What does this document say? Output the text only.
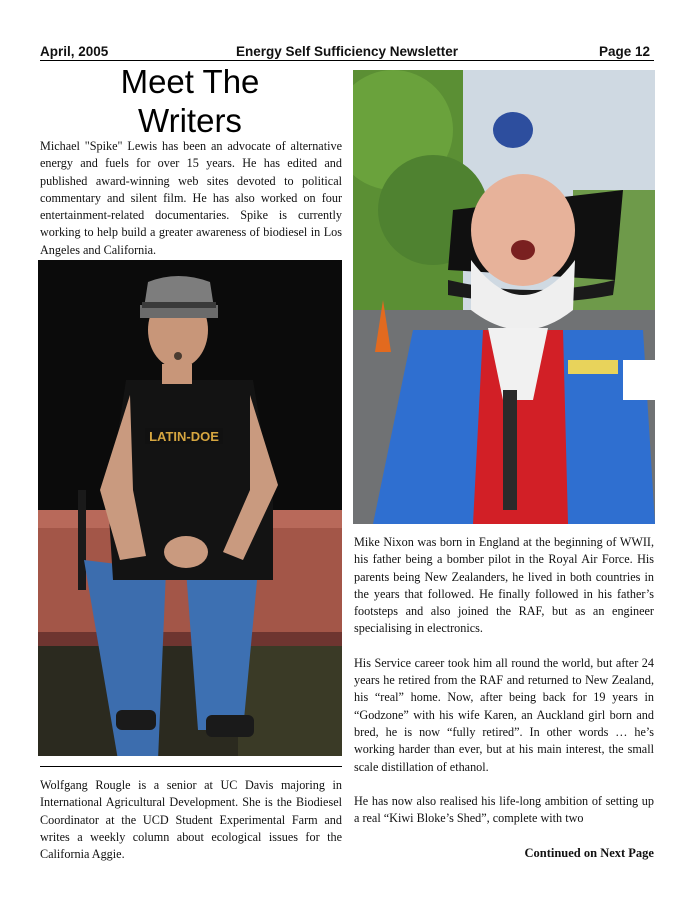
April, 2005	Energy Self Sufficiency Newsletter	Page 12
Meet The
Writers
Michael "Spike" Lewis has been an advocate of alternative energy and fuels for over 15 years. He has edited and published award-winning web sites devoted to political commentary and silent film. He has also worked on four entertainment-related documentaries. Spike is currently working to help build a greater awareness of biodiesel in Los Angeles and California.
LATIN-DOE
Wolfgang Rougle is a senior at UC Davis majoring in International Agricultural Development. She is the Biodiesel Coordinator at the UCD Student Experimental Farm and writes a weekly column about ecological issues for the California Aggie.

Mike Nixon was born in England at the beginning of WWII, his father being a bomber pilot in the Royal Air Force. His parents being New Zealanders, he lived in both countries in the years that followed. He finally followed in his father’s footsteps and also joined the RAF, but as an engineer specialising in electronics.

His Service career took him all round the world, but after 24 years he retired from the RAF and returned to New Zealand, his “real” home. Now, after being back for 19 years in “Godzone” with his wife Karen, an Auckland girl born and bred, he is now “fully retired”. In other words … he’s working harder than ever, but at his main interest, the small scale distillation of ethanol.

He has now also realised his life-long ambition of setting up a real “Kiwi Bloke’s Shed”, complete with two

Continued on Next Page
